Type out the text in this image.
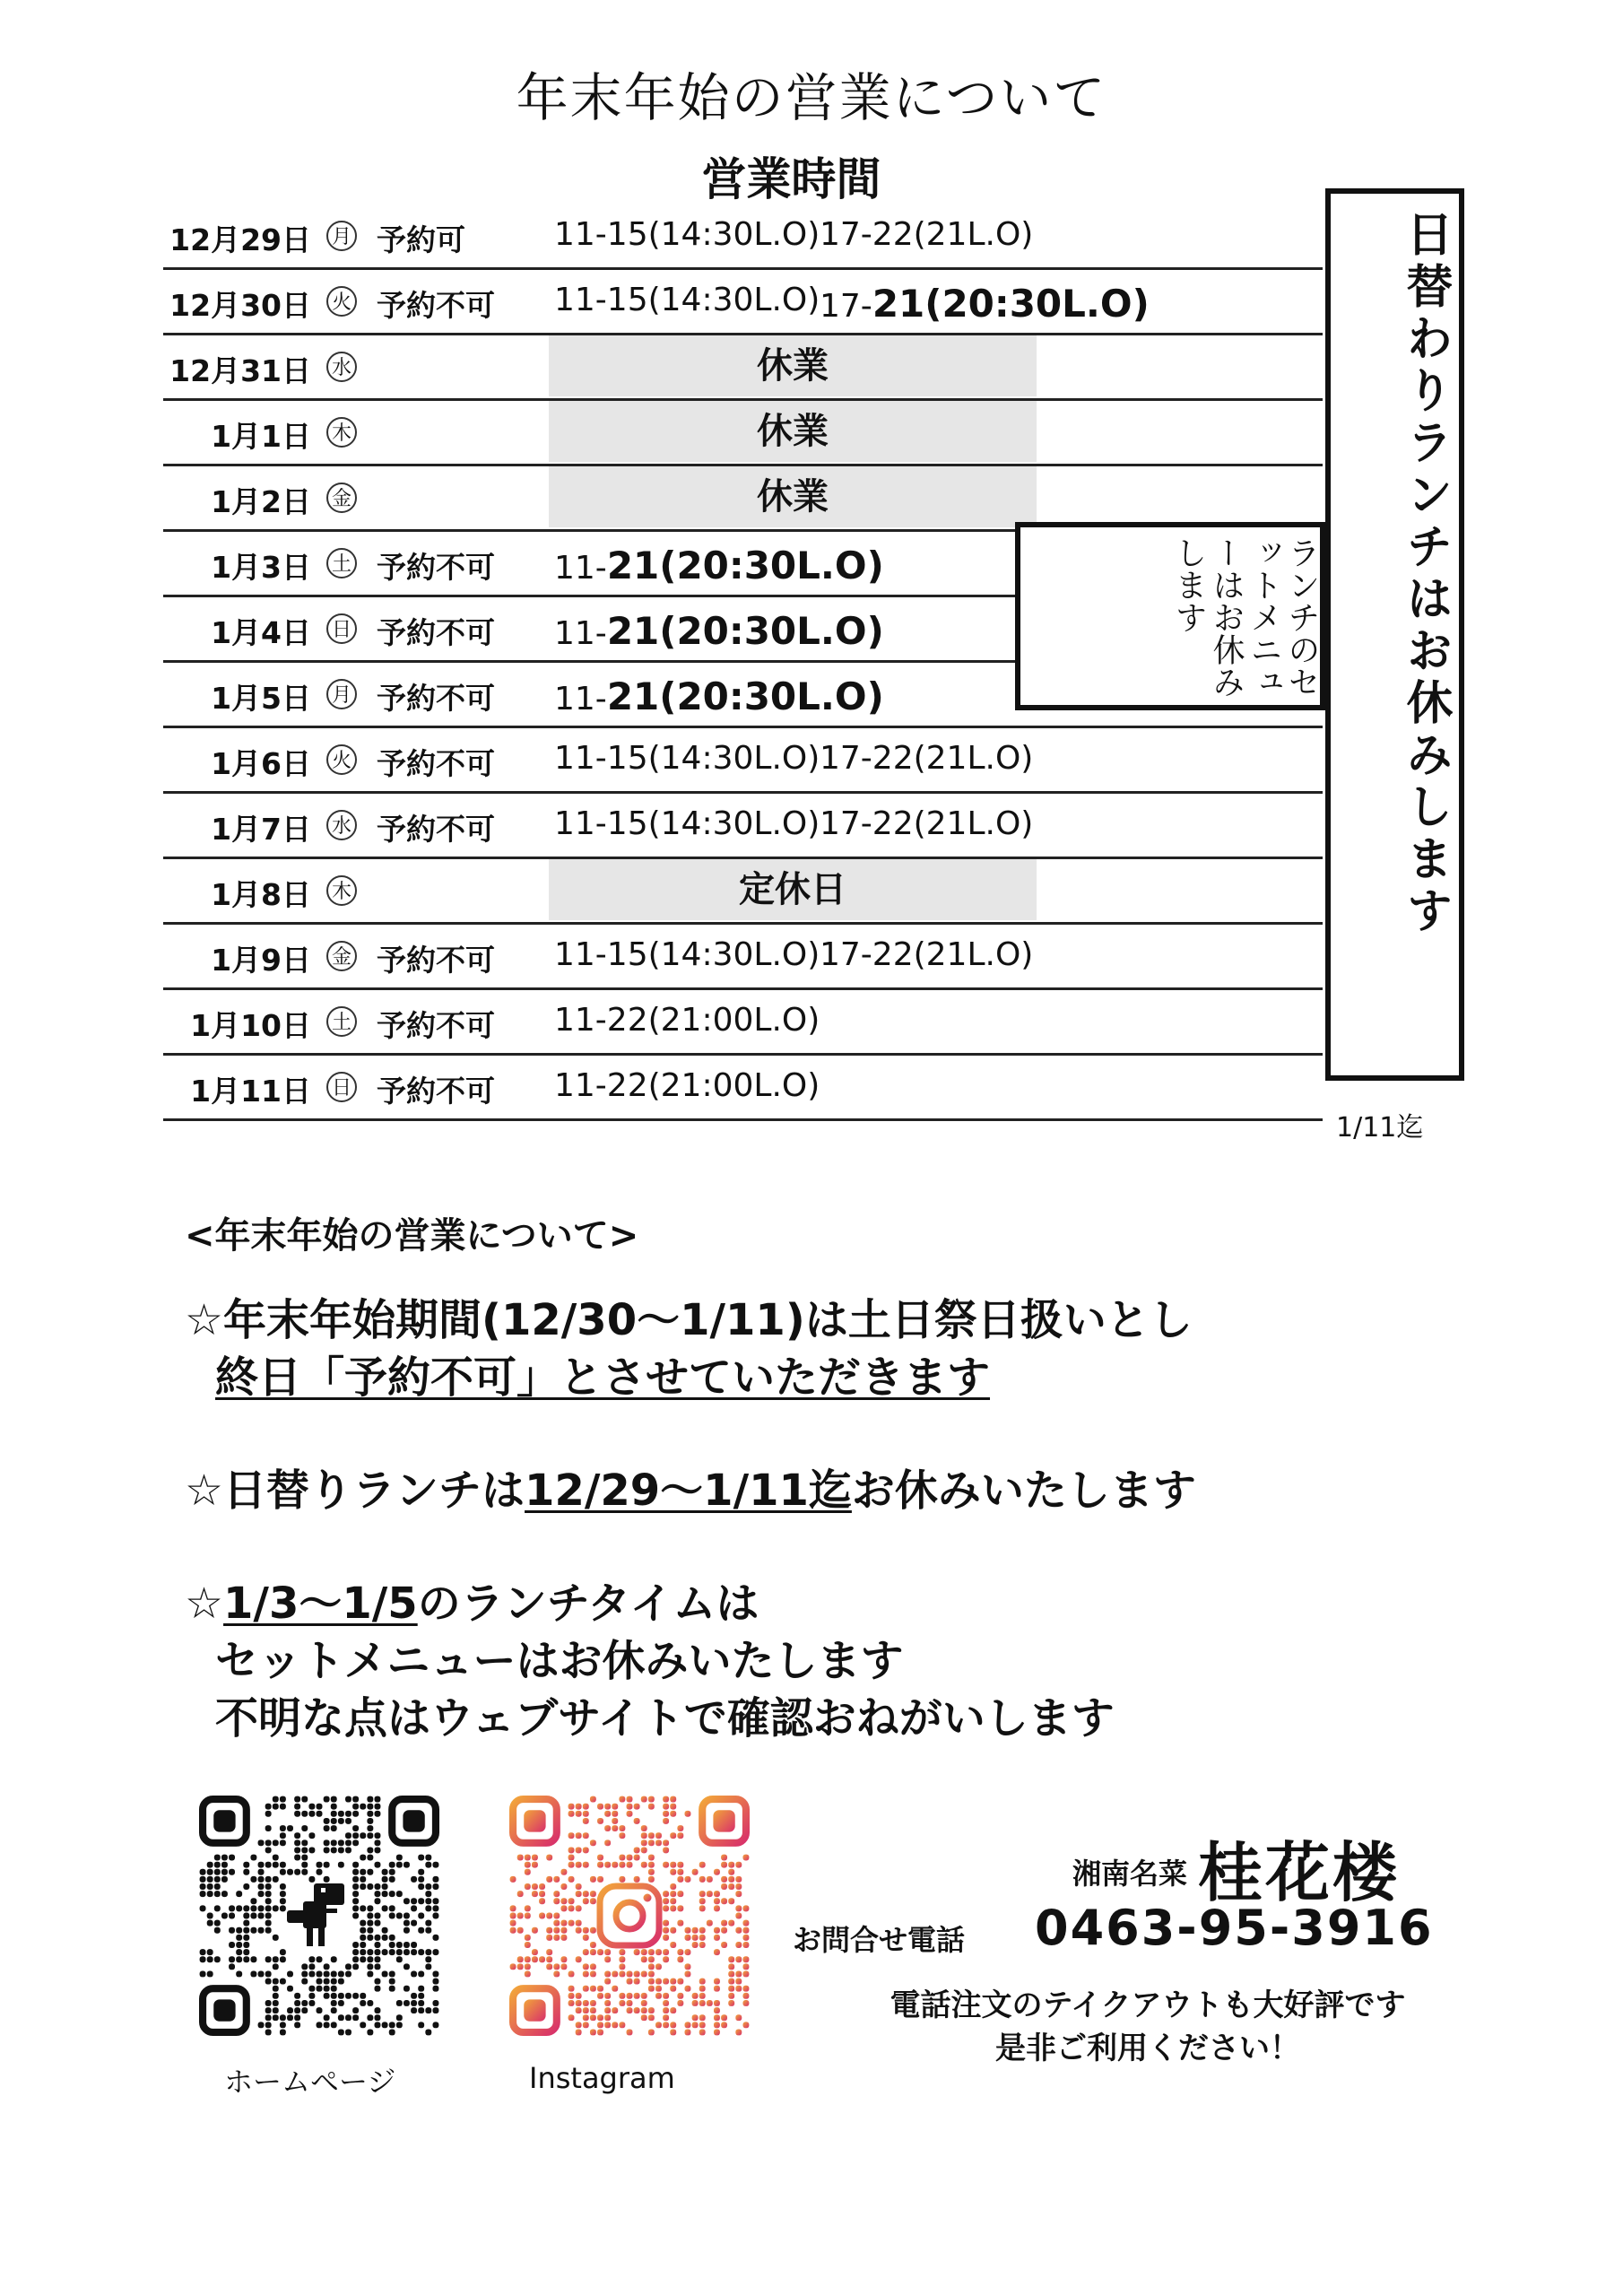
年末年始の営業について
営業時間
12月29日 月 予約可	11-15(14:30L.O) 17-22(21L.O)
12月30日 火 予約不可 11-15(14:30L.O) 17-21(20:30L.O)
12月31日 水	休業
1月1日 木	休業
1月2日 金	休業
1月3日 土 予約不可 11-21(20:30L.O)
1月4日 日 予約不可 11-21(20:30L.O)
1月5日 月 予約不可 11-21(20:30L.O)
1月6日 火 予約不可 11-15(14:30L.O) 17-22(21L.O)
1月7日 水 予約不可 11-15(14:30L.O) 17-22(21L.O)
1月8日 木	定休日
1月9日 金 予約不可 11-15(14:30L.O) 17-22(21L.O)
1月10日 土 予約不可 11-22(21:00L.O)
1月11日 日 予約不可 11-22(21:00L.O)
日替わりランチはお休みします
1/11迄
ランチのセットメニューはお休みします
<年末年始の営業について>
☆年末年始期間(12/30〜1/11)は土日祭日扱いとし
終日「予約不可」とさせていただきます
☆日替りランチは12/29〜1/11迄お休みいたします
☆1/3〜1/5のランチタイムは
セットメニューはお休みいたします
不明な点はウェブサイトで確認おねがいします
ホームページ	Instagram
湘南名菜 桂花楼
お問合せ電話 0463-95-3916
電話注文のテイクアウトも大好評です
是非ご利用ください！
